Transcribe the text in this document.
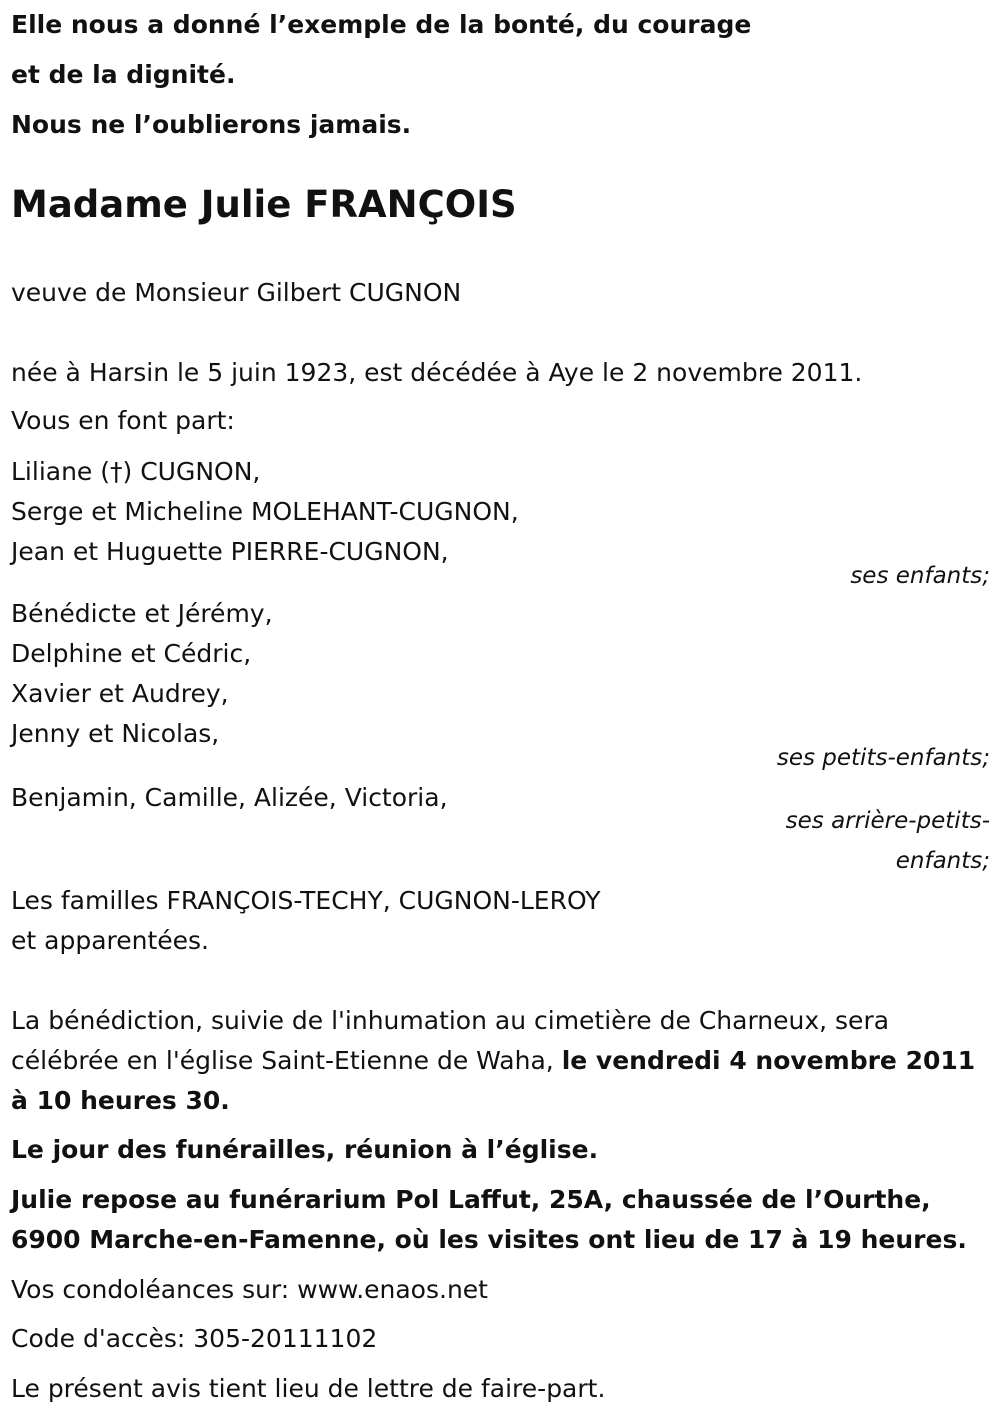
Elle nous a donné l’exemple de la bonté, du courage
et de la dignité.
Nous ne l’oublierons jamais.
Madame Julie FRANÇOIS
veuve de Monsieur Gilbert CUGNON
née à Harsin le 5 juin 1923, est décédée à Aye le 2 novembre 2011.
Vous en font part:
Liliane (†) CUGNON,
Serge et Micheline MOLEHANT-CUGNON,
Jean et Huguette PIERRE-CUGNON,
ses enfants;
Bénédicte et Jérémy,
Delphine et Cédric,
Xavier et Audrey,
Jenny et Nicolas,
ses petits-enfants;
Benjamin, Camille, Alizée, Victoria,
ses arrière-petits-
enfants;
Les familles FRANÇOIS-TECHY, CUGNON-LEROY
et apparentées.
La bénédiction, suivie de l'inhumation au cimetière de Charneux, sera célébrée en l'église Saint-Etienne de Waha, le vendredi 4 novembre 2011 à 10 heures 30.
Le jour des funérailles, réunion à l’église.
Julie repose au funérarium Pol Laffut, 25A, chaussée de l’Ourthe, 6900 Marche-en-Famenne, où les visites ont lieu de 17 à 19 heures.
Vos condoléances sur: www.enaos.net
Code d'accès: 305-20111102
Le présent avis tient lieu de lettre de faire-part.
